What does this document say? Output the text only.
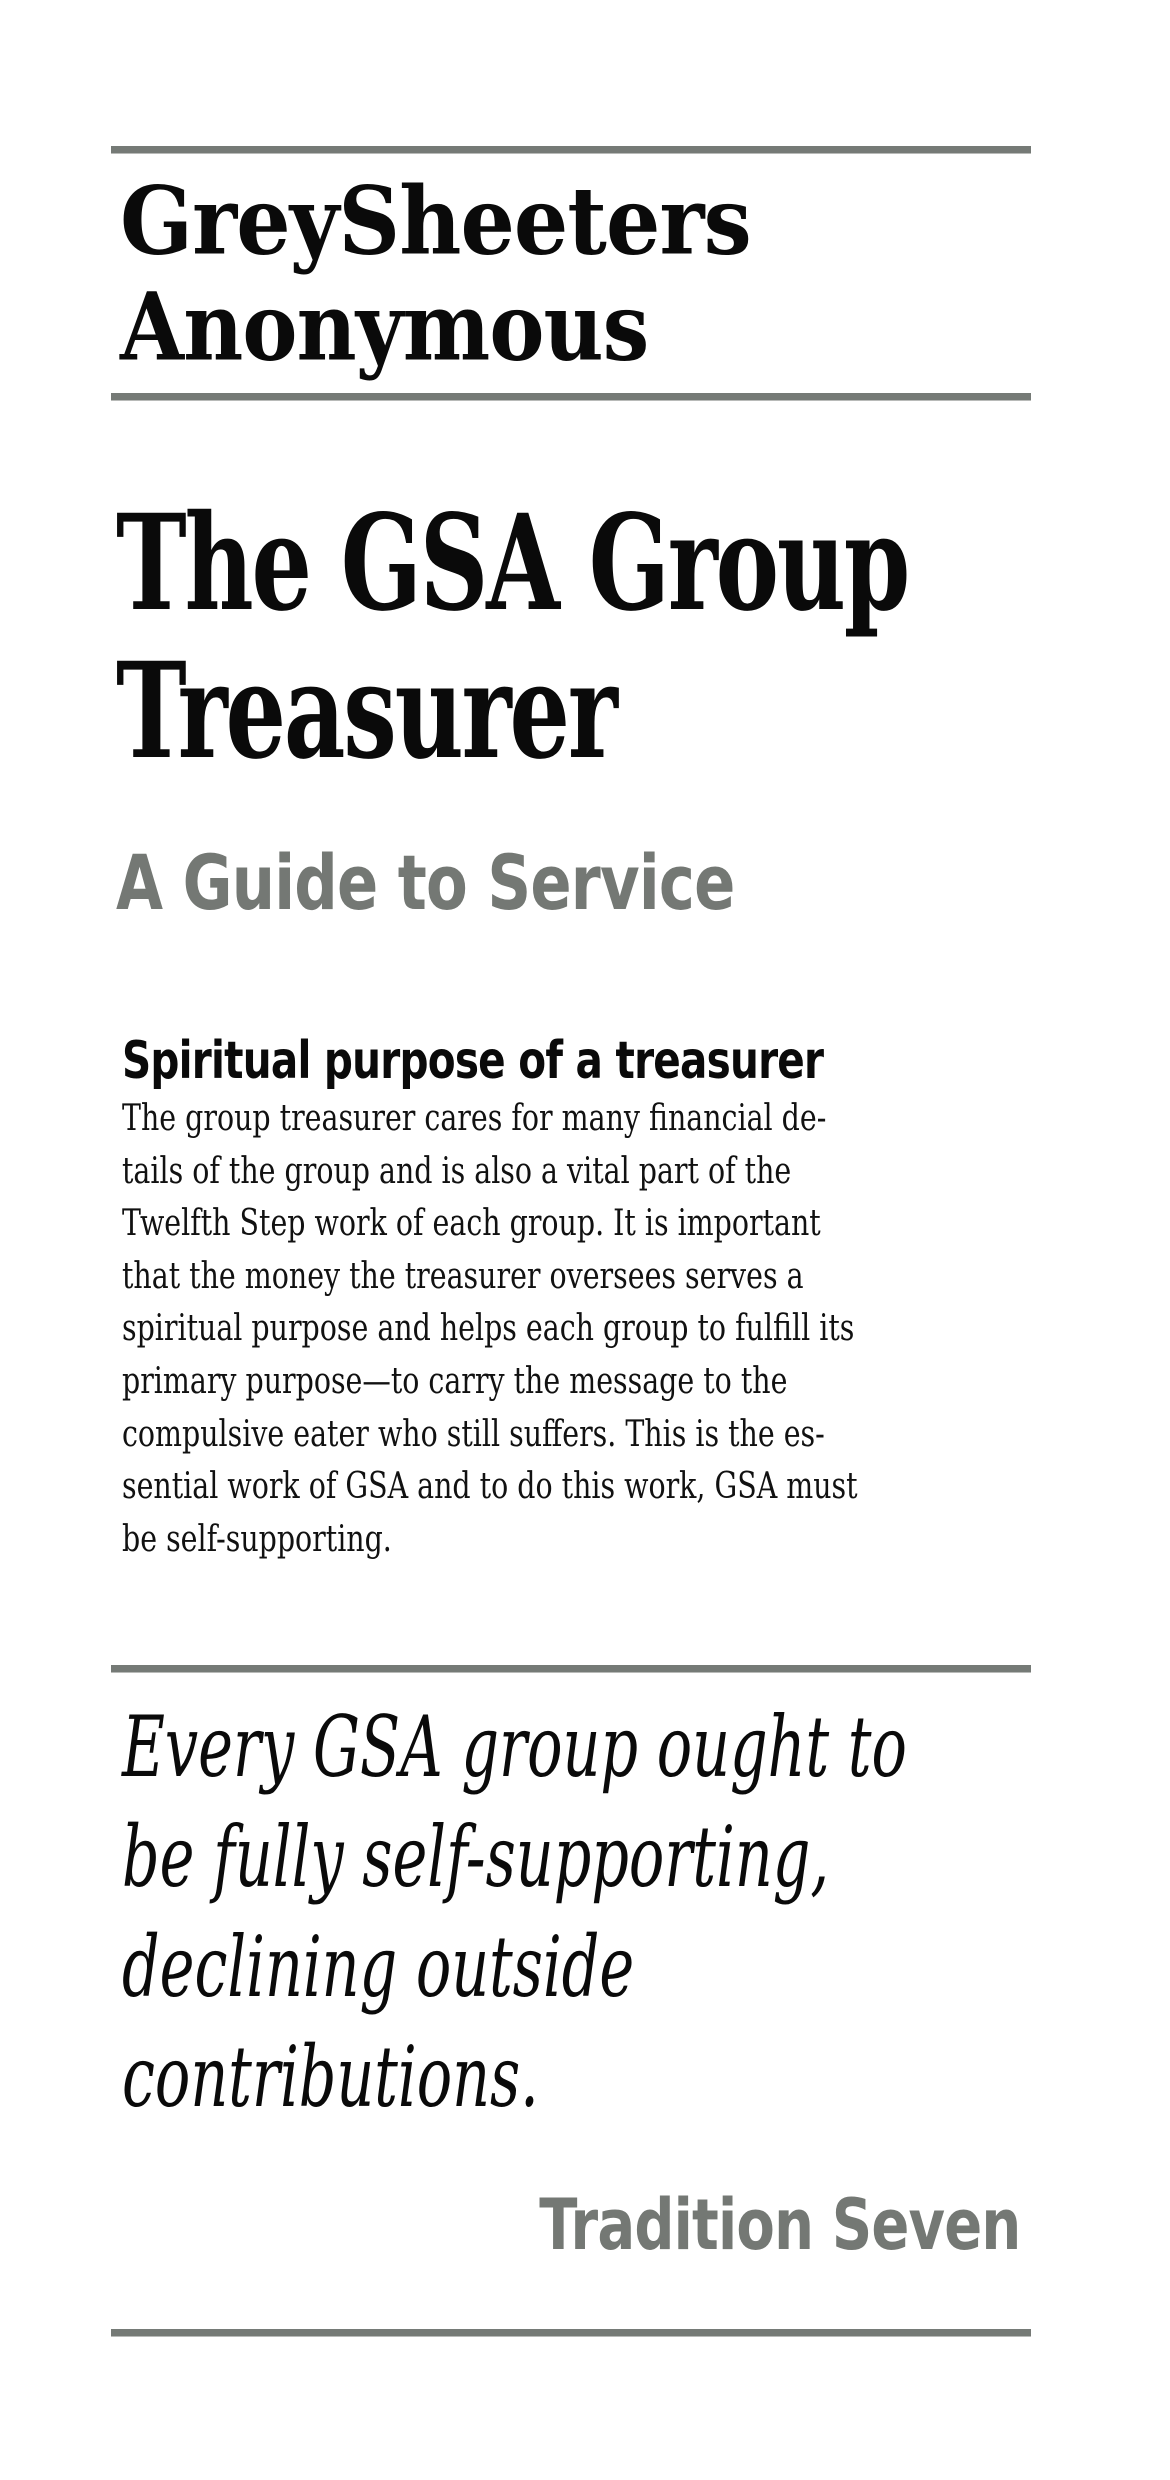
GreySheeters
Anonymous
The GSA Group
Treasurer
A Guide to Service
Spiritual purpose of a treasurer

The group treasurer cares for many financial de-
tails of the group and is also a vital part of the
Twelfth Step work of each group. It is important
that the money the treasurer oversees serves a
spiritual purpose and helps each group to fulfill its
primary purpose—to carry the message to the
compulsive eater who still suffers. This is the es-
sential work of GSA and to do this work, GSA must
be self-supporting.

Every GSA group ought to
be fully self-supporting,
declining outside
contributions.
Tradition Seven
